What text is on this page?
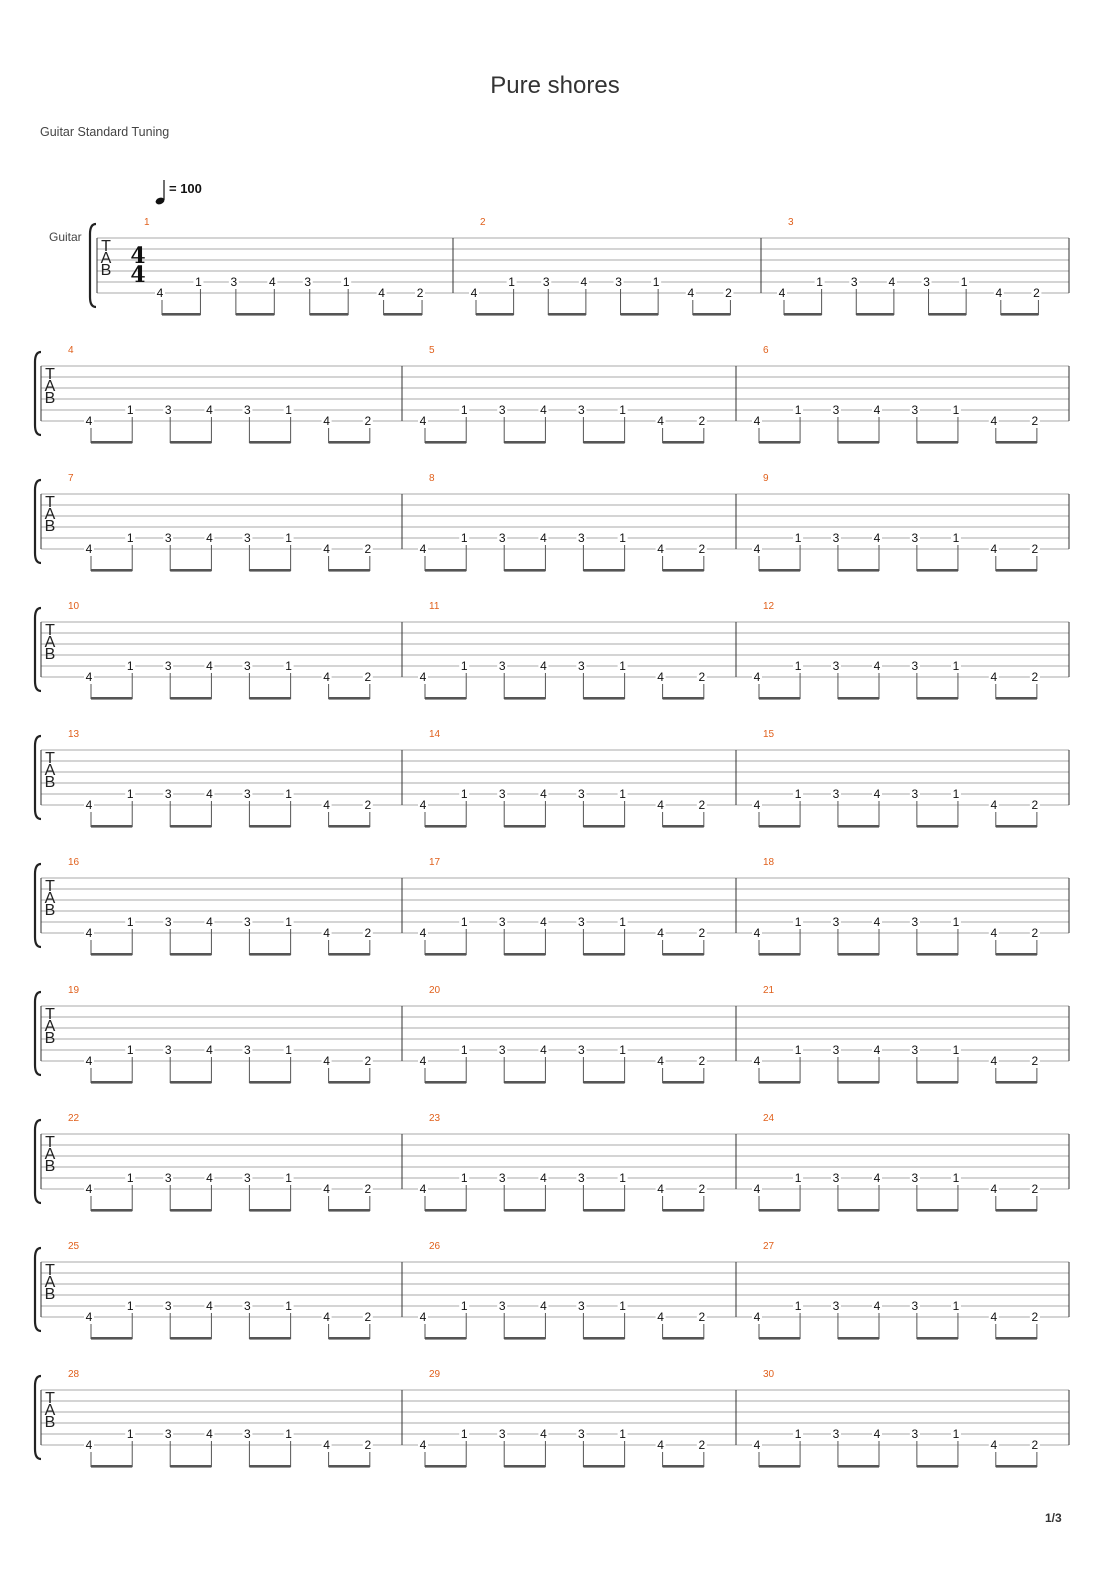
Pure shores
Guitar Standard Tuning
1/3
T
A
B
Guitar
4
4
= 100
1
4
1 3	4 3	1
4	2
2
4
1 3	4 3	1
4	2
3
4
1 3	4 3	1
4	2
T
A
B
4
4
1	3	4	3	1
4	2
5
4
1	3	4	3	1
4	2
6
4
1	3	4	3	1
4	2
T
A
B
7
4
1	3	4	3	1
4	2
8
4
1	3	4	3	1
4	2
9
4
1	3	4	3	1
4	2
T
A
B
10
4
1	3	4	3	1
4	2
11
4
1	3	4	3	1
4	2
12
4
1	3	4	3	1
4	2
T
A
B
13
4
1	3	4	3	1
4	2
14
4
1	3	4	3	1
4	2
15
4
1	3	4	3	1
4	2
T
A
B
16
4
1	3	4	3	1
4	2
17
4
1	3	4	3	1
4	2
18
4
1	3	4	3	1
4	2
T
A
B
19
4
1	3	4	3	1
4	2
20
4
1	3	4	3	1
4	2
21
4
1	3	4	3	1
4	2
T
A
B
22
4
1	3	4	3	1
4	2
23
4
1	3	4	3	1
4	2
24
4
1	3	4	3	1
4	2
T
A
B
25
4
1	3	4	3	1
4	2
26
4
1	3	4	3	1
4	2
27
4
1	3	4	3	1
4	2
T
A
B
28
4
1	3	4	3	1
4	2
29
4
1	3	4	3	1
4	2
30
4
1	3	4	3	1
4	2
